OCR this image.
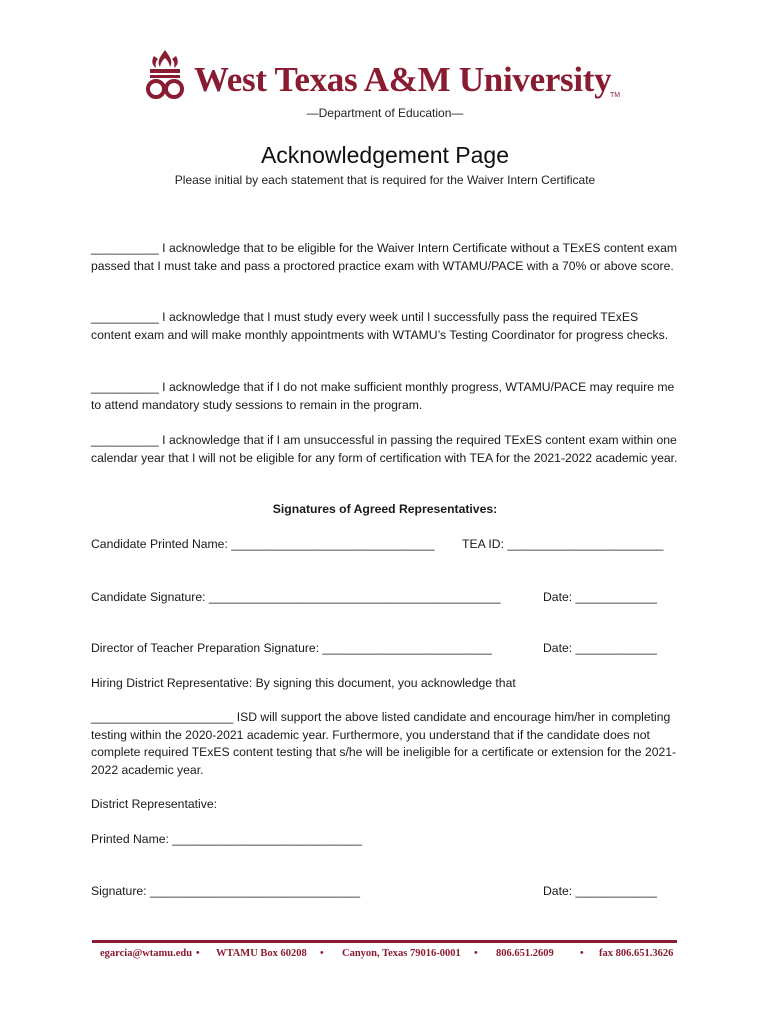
West Texas A&M University
TM
—Department of Education—
Acknowledgement Page
Please initial by each statement that is required for the Waiver Intern Certificate
__________ I acknowledge that to be eligible for the Waiver Intern Certificate without a TExES content exam passed that I must take and pass a proctored practice exam with WTAMU/PACE with a 70% or above score.
__________ I acknowledge that I must study every week until I successfully pass the required TExES content exam and will make monthly appointments with WTAMU’s Testing Coordinator for progress checks.
__________ I acknowledge that if I do not make sufficient monthly progress, WTAMU/PACE may require me to attend mandatory study sessions to remain in the program.
__________ I acknowledge that if I am unsuccessful in passing the required TExES content exam within one calendar year that I will not be eligible for any form of certification with TEA for the 2021-2022 academic year.
Signatures of Agreed Representatives:
Candidate Printed Name: ______________________________ TEA ID: _______________________
Candidate Signature: ___________________________________________	Date: ____________
Director of Teacher Preparation Signature: _________________________	Date: ____________
Hiring District Representative: By signing this document, you acknowledge that
_____________________ ISD will support the above listed candidate and encourage him/her in completing testing within the 2020-2021 academic year. Furthermore, you understand that if the candidate does not complete required TExES content testing that s/he will be ineligible for a certificate or extension for the 2021-2022 academic year.
District Representative:
Printed Name: ____________________________
Signature: _______________________________	Date: ____________
egarcia@wtamu.edu • WTAMU Box 60208 • Canyon, Texas 79016-0001 • 806.651.2609	• fax 806.651.3626
